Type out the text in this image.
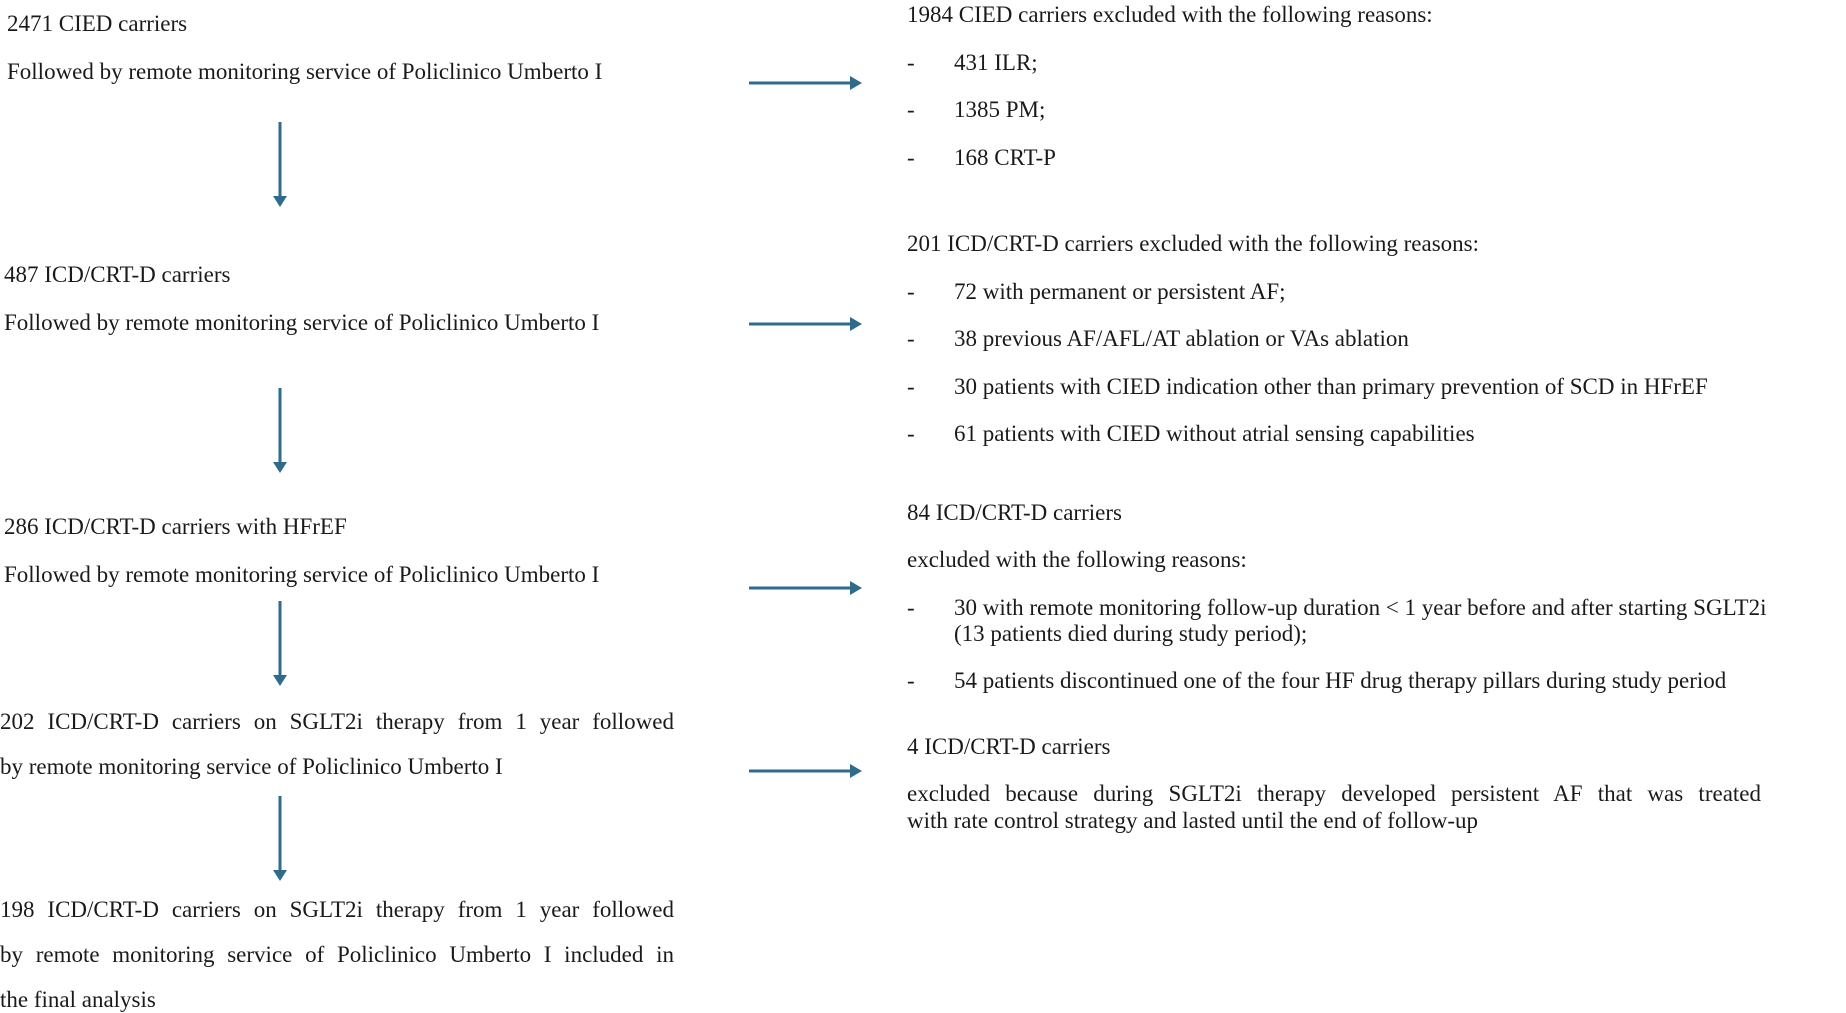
2471 CIED carriers
Followed by remote monitoring service of Policlinico Umberto I
487 ICD/CRT-D carriers
Followed by remote monitoring service of Policlinico Umberto I
286 ICD/CRT-D carriers with HFrEF
Followed by remote monitoring service of Policlinico Umberto I
202 ICD/CRT-D carriers on SGLT2i therapy from 1 year followed
by remote monitoring service of Policlinico Umberto I
198 ICD/CRT-D carriers on SGLT2i therapy from 1 year followed
by remote monitoring service of Policlinico Umberto I included in
the final analysis
1984 CIED carriers excluded with the following reasons:
- 431 ILR;
- 1385 PM;
- 168 CRT-P
201 ICD/CRT-D carriers excluded with the following reasons:
- 72 with permanent or persistent AF;
- 38 previous AF/AFL/AT ablation or VAs ablation
- 30 patients with CIED indication other than primary prevention of SCD in HFrEF
- 61 patients with CIED without atrial sensing capabilities
84 ICD/CRT-D carriers
excluded with the following reasons:
- 30 with remote monitoring follow-up duration < 1 year before and after starting SGLT2i
(13 patients died during study period);
- 54 patients discontinued one of the four HF drug therapy pillars during study period
4 ICD/CRT-D carriers
excluded because during SGLT2i therapy developed persistent AF that was treated
with rate control strategy and lasted until the end of follow-up
